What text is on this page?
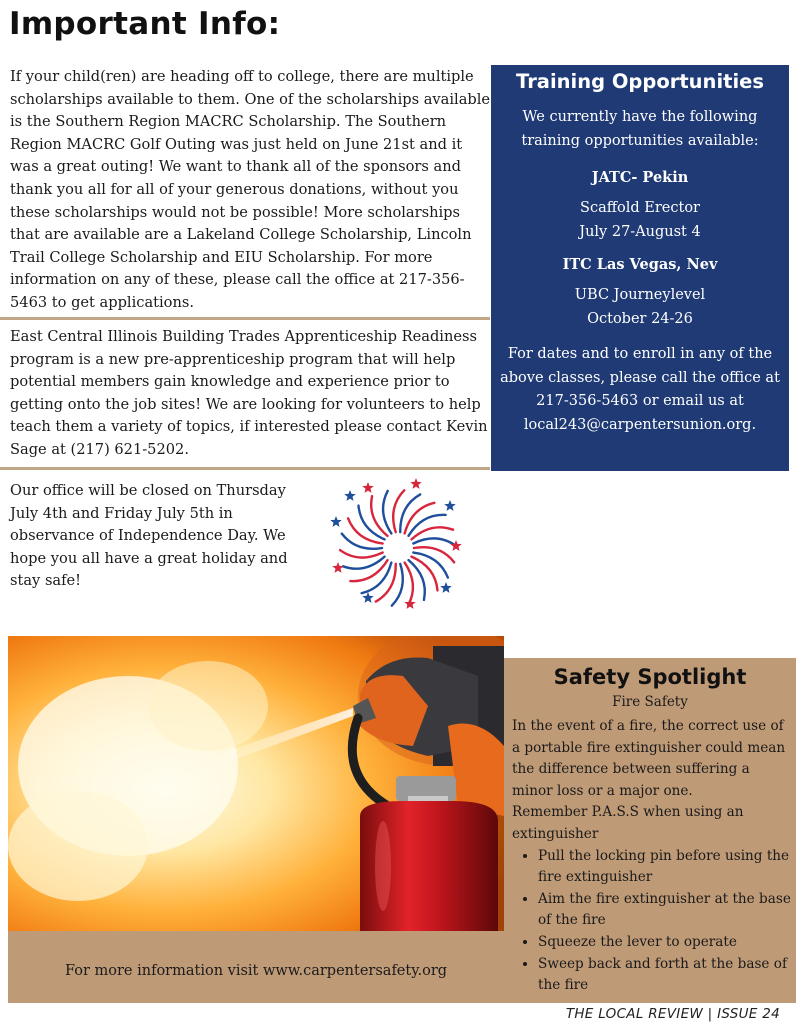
Important Info:

If your child(ren) are heading off to college, there are multiple scholarships available to them. One of the scholarships available is the Southern Region MACRC Scholarship. The Southern Region MACRC Golf Outing was just held on June 21st and it was a great outing! We want to thank all of the sponsors and thank you all for all of your generous donations, without you these scholarships would not be possible! More scholarships that are available are a Lakeland College Scholarship, Lincoln Trail College Scholarship and EIU Scholarship. For more information on any of these, please call the office at 217-356-5463 to get applications.

East Central Illinois Building Trades Apprenticeship Readiness program is a new pre-apprenticeship program that will help potential members gain knowledge and experience prior to getting onto the job sites! We are looking for volunteers to help teach them a variety of topics, if interested please contact Kevin Sage at (217) 621-5202.

Our office will be closed on Thursday July 4th and Friday July 5th in observance of Independence Day. We hope you all have a great holiday and stay safe!

Training Opportunities

We currently have the following training opportunities available:

JATC- Pekin

Scaffold Erector
July 27-August 4

ITC Las Vegas, Nev

UBC Journeylevel
October 24-26

For dates and to enroll in any of the above classes, please call the office at 217-356-5463 or email us at local243@carpentersunion.org.

For more information visit www.carpentersafety.org
Safety Spotlight

Fire Safety

In the event of a fire, the correct use of a portable fire extinguisher could mean the difference between suffering a minor loss or a major one.
Remember P.A.S.S when using an extinguisher

• Pull the locking pin before using the fire extinguisher
• Aim the fire extinguisher at the base of the fire
• Squeeze the lever to operate
• Sweep back and forth at the base of the fire
THE LOCAL REVIEW | ISSUE 24
